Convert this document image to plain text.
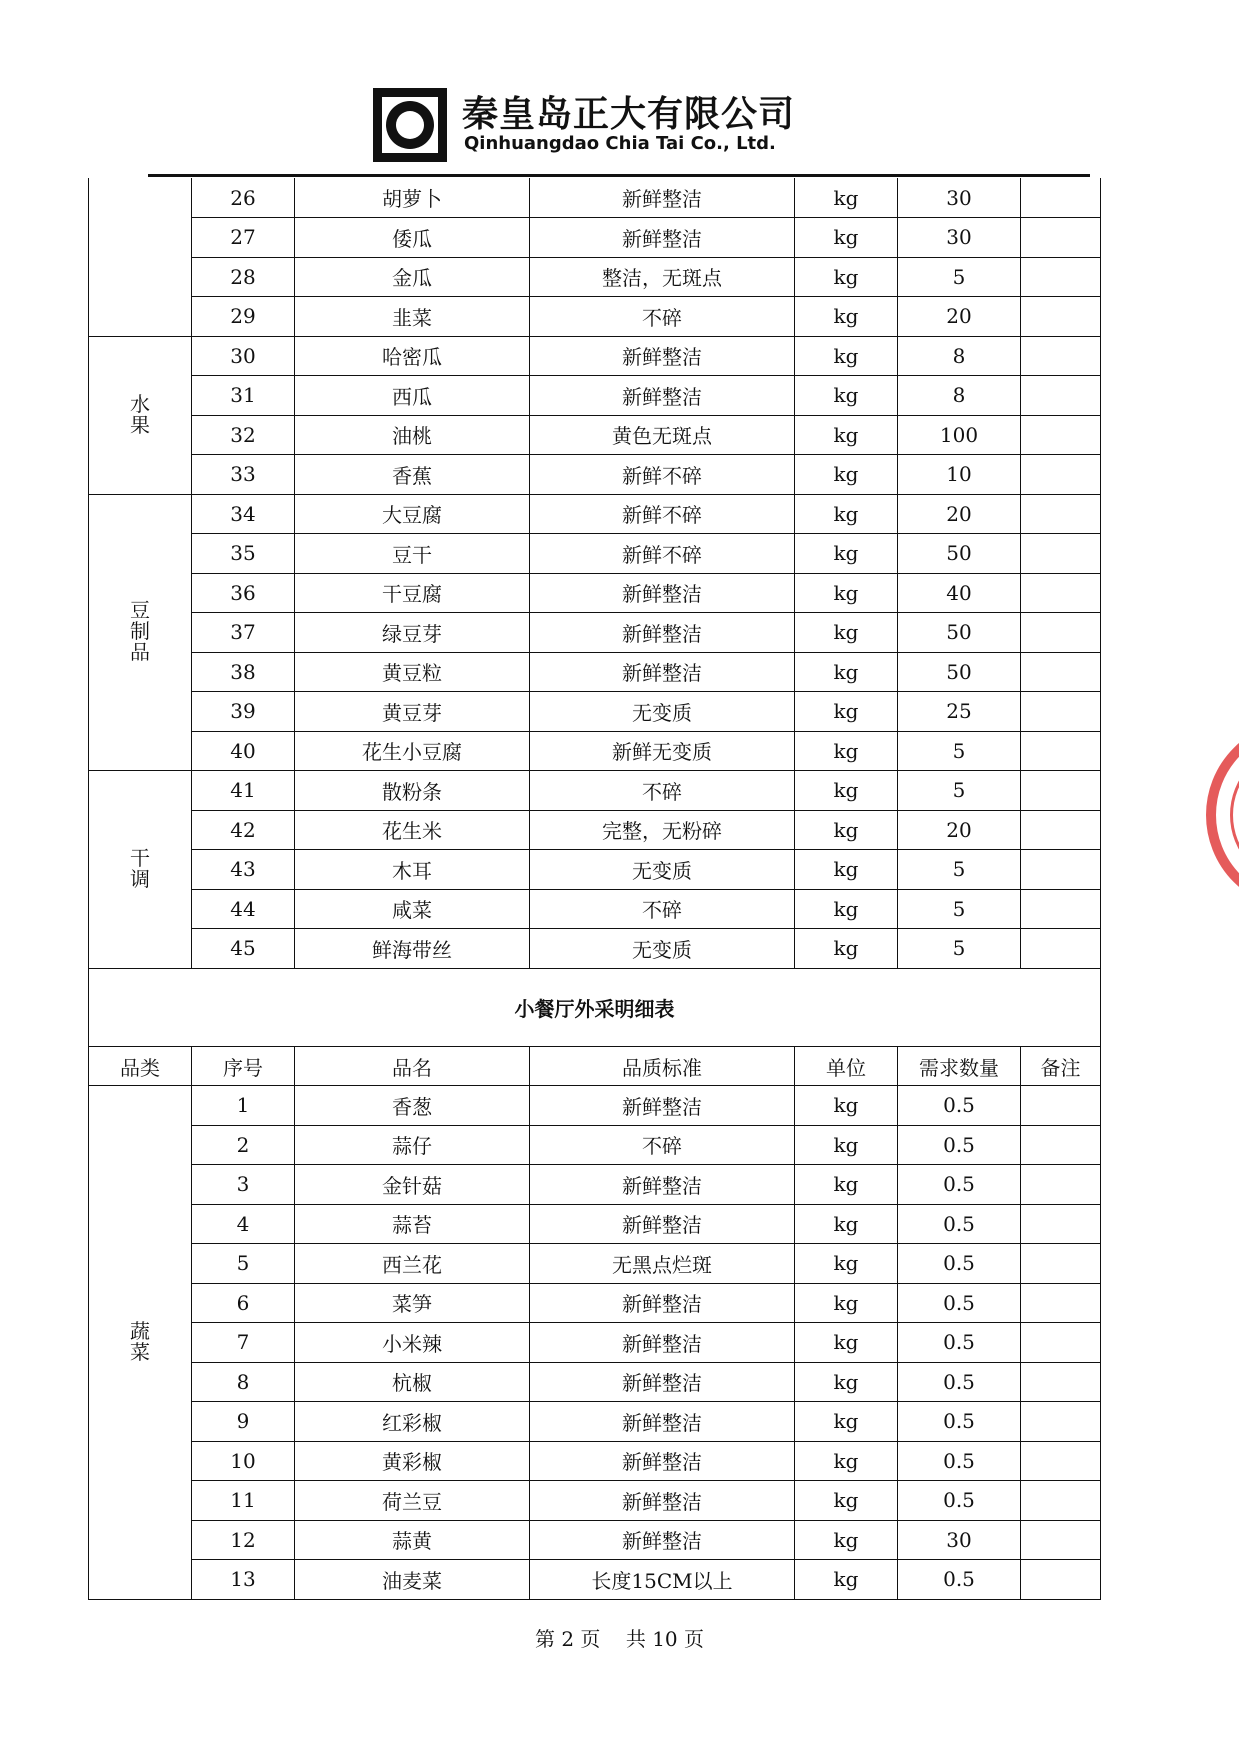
秦皇岛正大有限公司
Qinhuangdao Chia Tai Co., Ltd.
	26	胡萝卜	新鲜整洁	kg	30	
	27	倭瓜	新鲜整洁	kg	30	
	28	金瓜	整洁，无斑点	kg	5	
	29	韭菜	不碎	kg	20	
水果	30	哈密瓜	新鲜整洁	kg	8	
	31	西瓜	新鲜整洁	kg	8	
	32	油桃	黄色无斑点	kg	100	
	33	香蕉	新鲜不碎	kg	10	
豆制品	34	大豆腐	新鲜不碎	kg	20	
	35	豆干	新鲜不碎	kg	50	
	36	干豆腐	新鲜整洁	kg	40	
	37	绿豆芽	新鲜整洁	kg	50	
	38	黄豆粒	新鲜整洁	kg	50	
	39	黄豆芽	无变质	kg	25	
	40	花生小豆腐	新鲜无变质	kg	5	
干调	41	散粉条	不碎	kg	5	
	42	花生米	完整，无粉碎	kg	20	
	43	木耳	无变质	kg	5	
	44	咸菜	不碎	kg	5	
	45	鲜海带丝	无变质	kg	5	
小餐厅外采明细表						
品类	序号	品名	品质标准	单位	需求数量	备注
蔬菜	1	香葱	新鲜整洁	kg	0.5	
	2	蒜仔	不碎	kg	0.5	
	3	金针菇	新鲜整洁	kg	0.5	
	4	蒜苔	新鲜整洁	kg	0.5	
	5	西兰花	无黑点烂斑	kg	0.5	
	6	菜笋	新鲜整洁	kg	0.5	
	7	小米辣	新鲜整洁	kg	0.5	
	8	杭椒	新鲜整洁	kg	0.5	
	9	红彩椒	新鲜整洁	kg	0.5	
	10	黄彩椒	新鲜整洁	kg	0.5	
	11	荷兰豆	新鲜整洁	kg	0.5	
	12	蒜黄	新鲜整洁	kg	30	
	13	油麦菜	长度15CM以上	kg	0.5	
第 2 页    共 10 页
